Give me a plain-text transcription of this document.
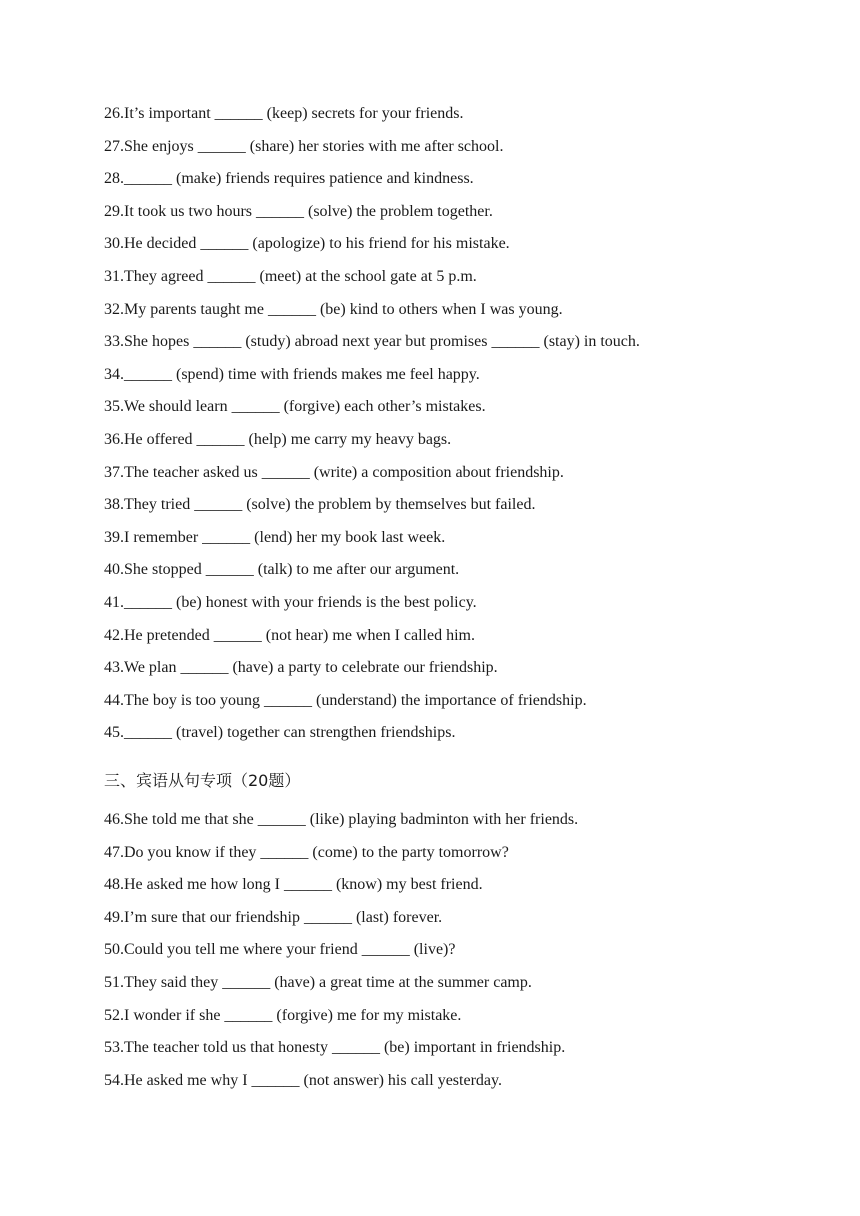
26.It’s important ______ (keep) secrets for your friends.
27.She enjoys ______ (share) her stories with me after school.
28.______ (make) friends requires patience and kindness.
29.It took us two hours ______ (solve) the problem together.
30.He decided ______ (apologize) to his friend for his mistake.
31.They agreed ______ (meet) at the school gate at 5 p.m.
32.My parents taught me ______ (be) kind to others when I was young.
33.She hopes ______ (study) abroad next year but promises ______ (stay) in touch.
34.______ (spend) time with friends makes me feel happy.
35.We should learn ______ (forgive) each other’s mistakes.
36.He offered ______ (help) me carry my heavy bags.
37.The teacher asked us ______ (write) a composition about friendship.
38.They tried ______ (solve) the problem by themselves but failed.
39.I remember ______ (lend) her my book last week.
40.She stopped ______ (talk) to me after our argument.
41.______ (be) honest with your friends is the best policy.
42.He pretended ______ (not hear) me when I called him.
43.We plan ______ (have) a party to celebrate our friendship.
44.The boy is too young ______ (understand) the importance of friendship.
45.______ (travel) together can strengthen friendships.
三、宾语从句专项（20题）
46.She told me that she ______ (like) playing badminton with her friends.
47.Do you know if they ______ (come) to the party tomorrow?
48.He asked me how long I ______ (know) my best friend.
49.I’m sure that our friendship ______ (last) forever.
50.Could you tell me where your friend ______ (live)?
51.They said they ______ (have) a great time at the summer camp.
52.I wonder if she ______ (forgive) me for my mistake.
53.The teacher told us that honesty ______ (be) important in friendship.
54.He asked me why I ______ (not answer) his call yesterday.
